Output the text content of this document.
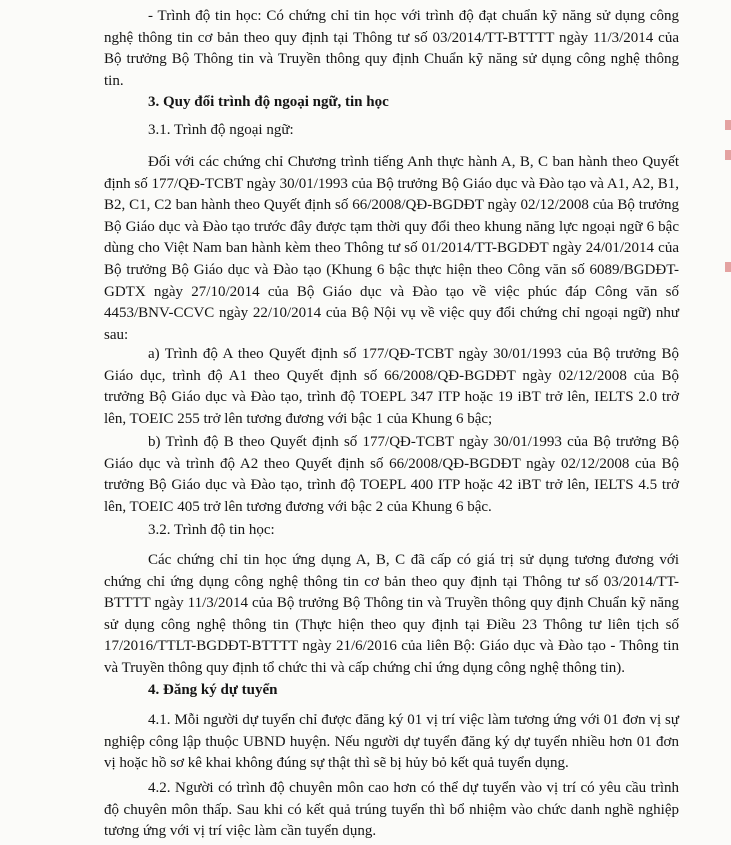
- Trình độ tin học: Có chứng chỉ tin học với trình độ đạt chuẩn kỹ năng sử dụng công nghệ thông tin cơ bản theo quy định tại Thông tư số 03/2014/TT-BTTTT ngày 11/3/2014 của Bộ trưởng Bộ Thông tin và Truyền thông quy định Chuẩn kỹ năng sử dụng công nghệ thông tin.

3. Quy đổi trình độ ngoại ngữ, tin học

3.1. Trình độ ngoại ngữ:

Đối với các chứng chỉ Chương trình tiếng Anh thực hành A, B, C ban hành theo Quyết định số 177/QĐ-TCBT ngày 30/01/1993 của Bộ trưởng Bộ Giáo dục và Đào tạo và A1, A2, B1, B2, C1, C2 ban hành theo Quyết định số 66/2008/QĐ-BGDĐT ngày 02/12/2008 của Bộ trưởng Bộ Giáo dục và Đào tạo trước đây được tạm thời quy đổi theo khung năng lực ngoại ngữ 6 bậc dùng cho Việt Nam ban hành kèm theo Thông tư số 01/2014/TT-BGDĐT ngày 24/01/2014 của Bộ trưởng Bộ Giáo dục và Đào tạo (Khung 6 bậc thực hiện theo Công văn số 6089/BGDĐT-GDTX ngày 27/10/2014 của Bộ Giáo dục và Đào tạo về việc phúc đáp Công văn số 4453/BNV-CCVC ngày 22/10/2014 của Bộ Nội vụ về việc quy đổi chứng chỉ ngoại ngữ) như sau:

a) Trình độ A theo Quyết định số 177/QĐ-TCBT ngày 30/01/1993 của Bộ trưởng Bộ Giáo dục, trình độ A1 theo Quyết định số 66/2008/QĐ-BGDĐT ngày 02/12/2008 của Bộ trưởng Bộ Giáo dục và Đào tạo, trình độ TOEPL 347 ITP hoặc 19 iBT trở lên, IELTS 2.0 trở lên, TOEIC 255 trở lên tương đương với bậc 1 của Khung 6 bậc;

b) Trình độ B theo Quyết định số 177/QĐ-TCBT ngày 30/01/1993 của Bộ trưởng Bộ Giáo dục và trình độ A2 theo Quyết định số 66/2008/QĐ-BGDĐT ngày 02/12/2008 của Bộ trưởng Bộ Giáo dục và Đào tạo, trình độ TOEPL 400 ITP hoặc 42 iBT trở lên, IELTS 4.5 trở lên, TOEIC 405 trở lên tương đương với bậc 2 của Khung 6 bậc.

3.2. Trình độ tin học:

Các chứng chỉ tin học ứng dụng A, B, C đã cấp có giá trị sử dụng tương đương với chứng chỉ ứng dụng công nghệ thông tin cơ bản theo quy định tại Thông tư số 03/2014/TT-BTTTT ngày 11/3/2014 của Bộ trưởng Bộ Thông tin và Truyền thông quy định Chuẩn kỹ năng sử dụng công nghệ thông tin (Thực hiện theo quy định tại Điều 23 Thông tư liên tịch số 17/2016/TTLT-BGDĐT-BTTTT ngày 21/6/2016 của liên Bộ: Giáo dục và Đào tạo - Thông tin và Truyền thông quy định tổ chức thi và cấp chứng chỉ ứng dụng công nghệ thông tin).

4. Đăng ký dự tuyển

4.1. Mỗi người dự tuyển chỉ được đăng ký 01 vị trí việc làm tương ứng với 01 đơn vị sự nghiệp công lập thuộc UBND huyện. Nếu người dự tuyển đăng ký dự tuyển nhiều hơn 01 đơn vị hoặc hồ sơ kê khai không đúng sự thật thì sẽ bị hủy bỏ kết quả tuyển dụng.

4.2. Người có trình độ chuyên môn cao hơn có thể dự tuyển vào vị trí có yêu cầu trình độ chuyên môn thấp. Sau khi có kết quả trúng tuyển thì bổ nhiệm vào chức danh nghề nghiệp tương ứng với vị trí việc làm cần tuyển dụng.
